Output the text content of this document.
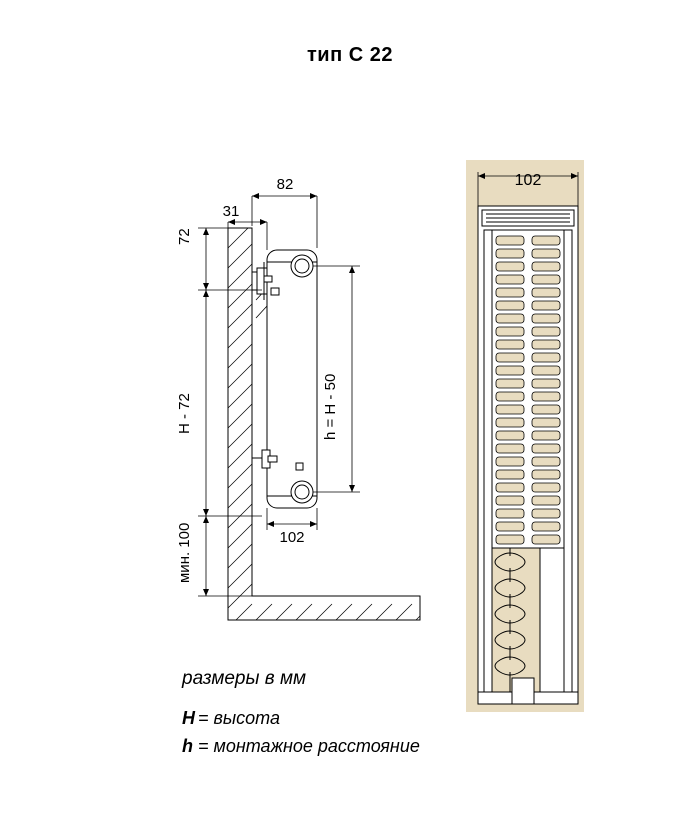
тип С 22
82
31
72
H - 72	h = H - 50
мин. 100	102
102
размеры в мм
H = высота
h = монтажное расстояние
